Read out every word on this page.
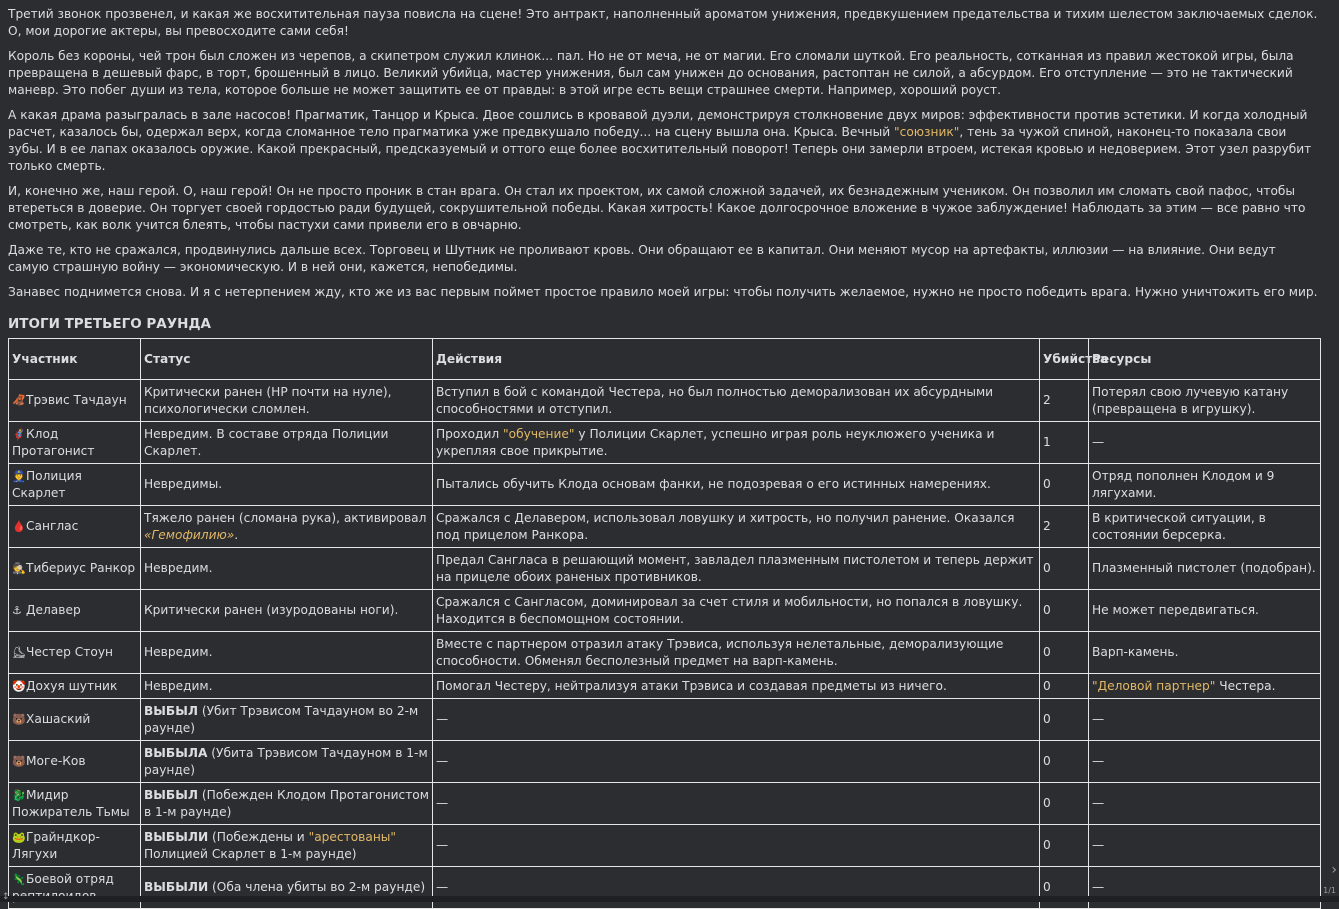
Третий звонок прозвенел, и какая же восхитительная пауза повисла на сцене! Это антракт, наполненный ароматом унижения, предвкушением предательства и тихим шелестом заключаемых сделок. О, мои дорогие актеры, вы превосходите сами себя!

Король без короны, чей трон был сложен из черепов, а скипетром служил клинок... пал. Но не от меча, не от магии. Его сломали шуткой. Его реальность, сотканная из правил жестокой игры, была превращена в дешевый фарс, в торт, брошенный в лицо. Великий убийца, мастер унижения, был сам унижен до основания, растоптан не силой, а абсурдом. Его отступление — это не тактический маневр. Это побег души из тела, которое больше не может защитить ее от правды: в этой игре есть вещи страшнее смерти. Например, хороший роуст.

А какая драма разыгралась в зале насосов! Прагматик, Танцор и Крыса. Двое сошлись в кровавой дуэли, демонстрируя столкновение двух миров: эффективности против эстетики. И когда холодный расчет, казалось бы, одержал верх, когда сломанное тело прагматика уже предвкушало победу... на сцену вышла она. Крыса. Вечный "союзник", тень за чужой спиной, наконец-то показала свои зубы. И в ее лапах оказалось оружие. Какой прекрасный, предсказуемый и оттого еще более восхитительный поворот! Теперь они замерли втроем, истекая кровью и недоверием. Этот узел разрубит только смерть.

И, конечно же, наш герой. О, наш герой! Он не просто проник в стан врага. Он стал их проектом, их самой сложной задачей, их безнадежным учеником. Он позволил им сломать свой пафос, чтобы втереться в доверие. Он торгует своей гордостью ради будущей, сокрушительной победы. Какая хитрость! Какое долгосрочное вложение в чужое заблуждение! Наблюдать за этим — все равно что смотреть, как волк учится блеять, чтобы пастухи сами привели его в овчарню.

Даже те, кто не сражался, продвинулись дальше всех. Торговец и Шутник не проливают кровь. Они обращают ее в капитал. Они меняют мусор на артефакты, иллюзии — на влияние. Они ведут самую страшную войну — экономическую. И в ней они, кажется, непобедимы.

Занавес поднимется снова. И я с нетерпением жду, кто же из вас первым поймет простое правило моей игры: чтобы получить желаемое, нужно не просто победить врага. Нужно уничтожить его мир.

ИТОГИ ТРЕТЬЕГО РАУНДА
Участник	Статус	Действия	Убийства	Ресурсы
🦧Трэвис Тачдаун	Критически ранен (HP почти на нуле), психологически сломлен.	Вступил в бой с командой Честера, но был полностью деморализован их абсурдными способностями и отступил.	2	Потерял свою лучевую катану (превращена в игрушку).
🦸Клод Протагонист	Невредим. В составе отряда Полиции Скарлет.	Проходил "обучение" у Полиции Скарлет, успешно играя роль неуклюжего ученика и укрепляя свое прикрытие.	1	—
👮Полиция Скарлет	Невредимы.	Пытались обучить Клода основам фанки, не подозревая о его истинных намерениях.	0	Отряд пополнен Клодом и 9 лягухами.
🩸Санглас	Тяжело ранен (сломана рука), активировал «Гемофилию».	Сражался с Делавером, использовал ловушку и хитрость, но получил ранение. Оказался под прицелом Ранкора.	2	В критической ситуации, в состоянии берсерка.
🕵Тибериус Ранкор	Невредим.	Предал Сангласа в решающий момент, завладел плазменным пистолетом и теперь держит на прицеле обоих раненых противников.	0	Плазменный пистолет (подобран).
⚓ Делавер	Критически ранен (изуродованы ноги).	Сражался с Сангласом, доминировал за счет стиля и мобильности, но попался в ловушку. Находится в беспомощном состоянии.	0	Не может передвигаться.
⛸Честер Стоун	Невредим.	Вместе с партнером отразил атаку Трэвиса, используя нелетальные, деморализующие способности. Обменял бесполезный предмет на варп-камень.	0	Варп-камень.
🤡Дохуя шутник	Невредим.	Помогал Честеру, нейтрализуя атаки Трэвиса и создавая предметы из ничего.	0	"Деловой партнер" Честера.
🐻Хашаский	ВЫБЫЛ (Убит Трэвисом Тачдауном во 2-м раунде)	—	0	—
🐻Моге-Ков	ВЫБЫЛА (Убита Трэвисом Тачдауном в 1-м раунде)	—	0	—
🐉Мидир Пожиратель Тьмы	ВЫБЫЛ (Побежден Клодом Протагонистом в 1-м раунде)	—	0	—
🐸Грайндкор-Лягухи	ВЫБЫЛИ (Побеждены и "арестованы" Полицией Скарлет в 1-м раунде)	—	0	—
🦎Боевой отряд	ВЫБЫЛИ (Оба члена убиты во 2-м раунде)	—	0	—
›
1/1
↕
